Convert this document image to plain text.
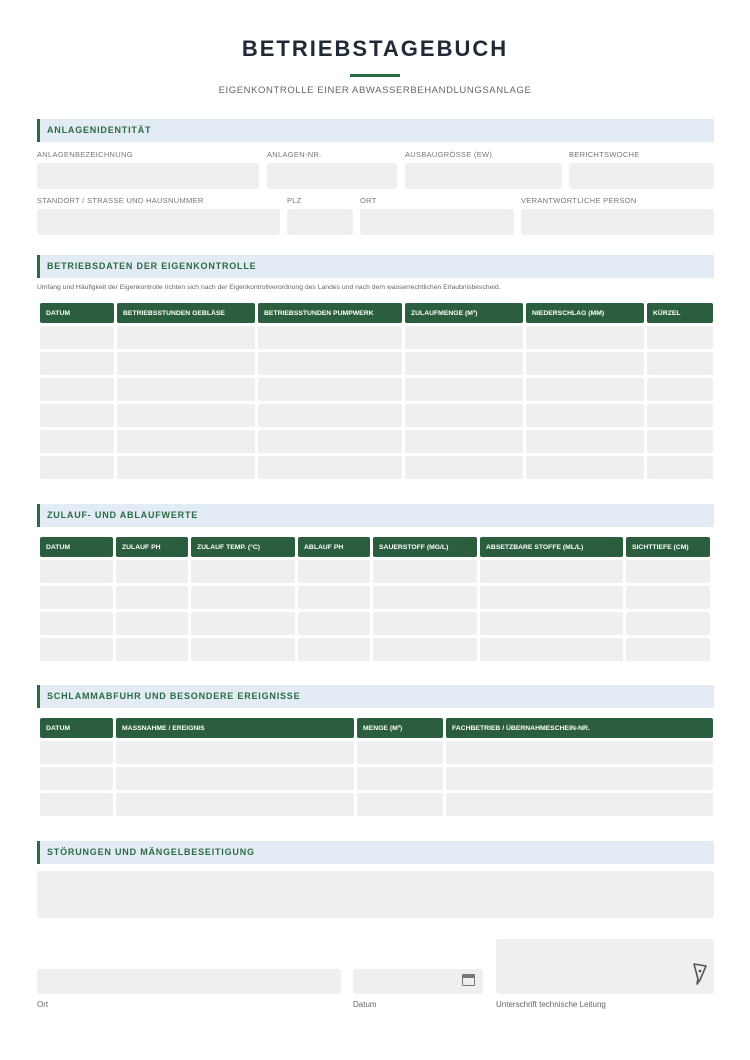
BETRIEBSTAGEBUCH
EIGENKONTROLLE EINER ABWASSERBEHANDLUNGSANLAGE
ANLAGENIDENTITÄT
ANLAGENBEZEICHNUNG	ANLAGEN-NR.	AUSBAUGRÖSSE (EW)	BERICHTSWOCHE
STANDORT / STRASSE UND HAUSNUMMER	PLZ	ORT	VERANTWORTLICHE PERSON
BETRIEBSDATEN DER EIGENKONTROLLE
Umfang und Häufigkeit der Eigenkontrolle richten sich nach der Eigenkontrollverordnung des Landes und nach dem wasserrechtlichen Erlaubnisbescheid.
DATUM	BETRIEBSSTUNDEN GEBLÄSE	BETRIEBSSTUNDEN PUMPWERK	ZULAUFMENGE (M³)	NIEDERSCHLAG (MM)	KÜRZEL

ZULAUF- UND ABLAUFWERTE
DATUM	ZULAUF PH	ZULAUF TEMP. (°C)	ABLAUF PH	SAUERSTOFF (MG/L)	ABSETZBARE STOFFE (ML/L)	SICHTTIEFE (CM)

SCHLAMMABFUHR UND BESONDERE EREIGNISSE
DATUM	MASSNAHME / EREIGNIS	MENGE (M³)	FACHBETRIEB / ÜBERNAHMESCHEIN-NR.

STÖRUNGEN UND MÄNGELBESEITIGUNG
Ort	Datum	Unterschrift technische Leitung
